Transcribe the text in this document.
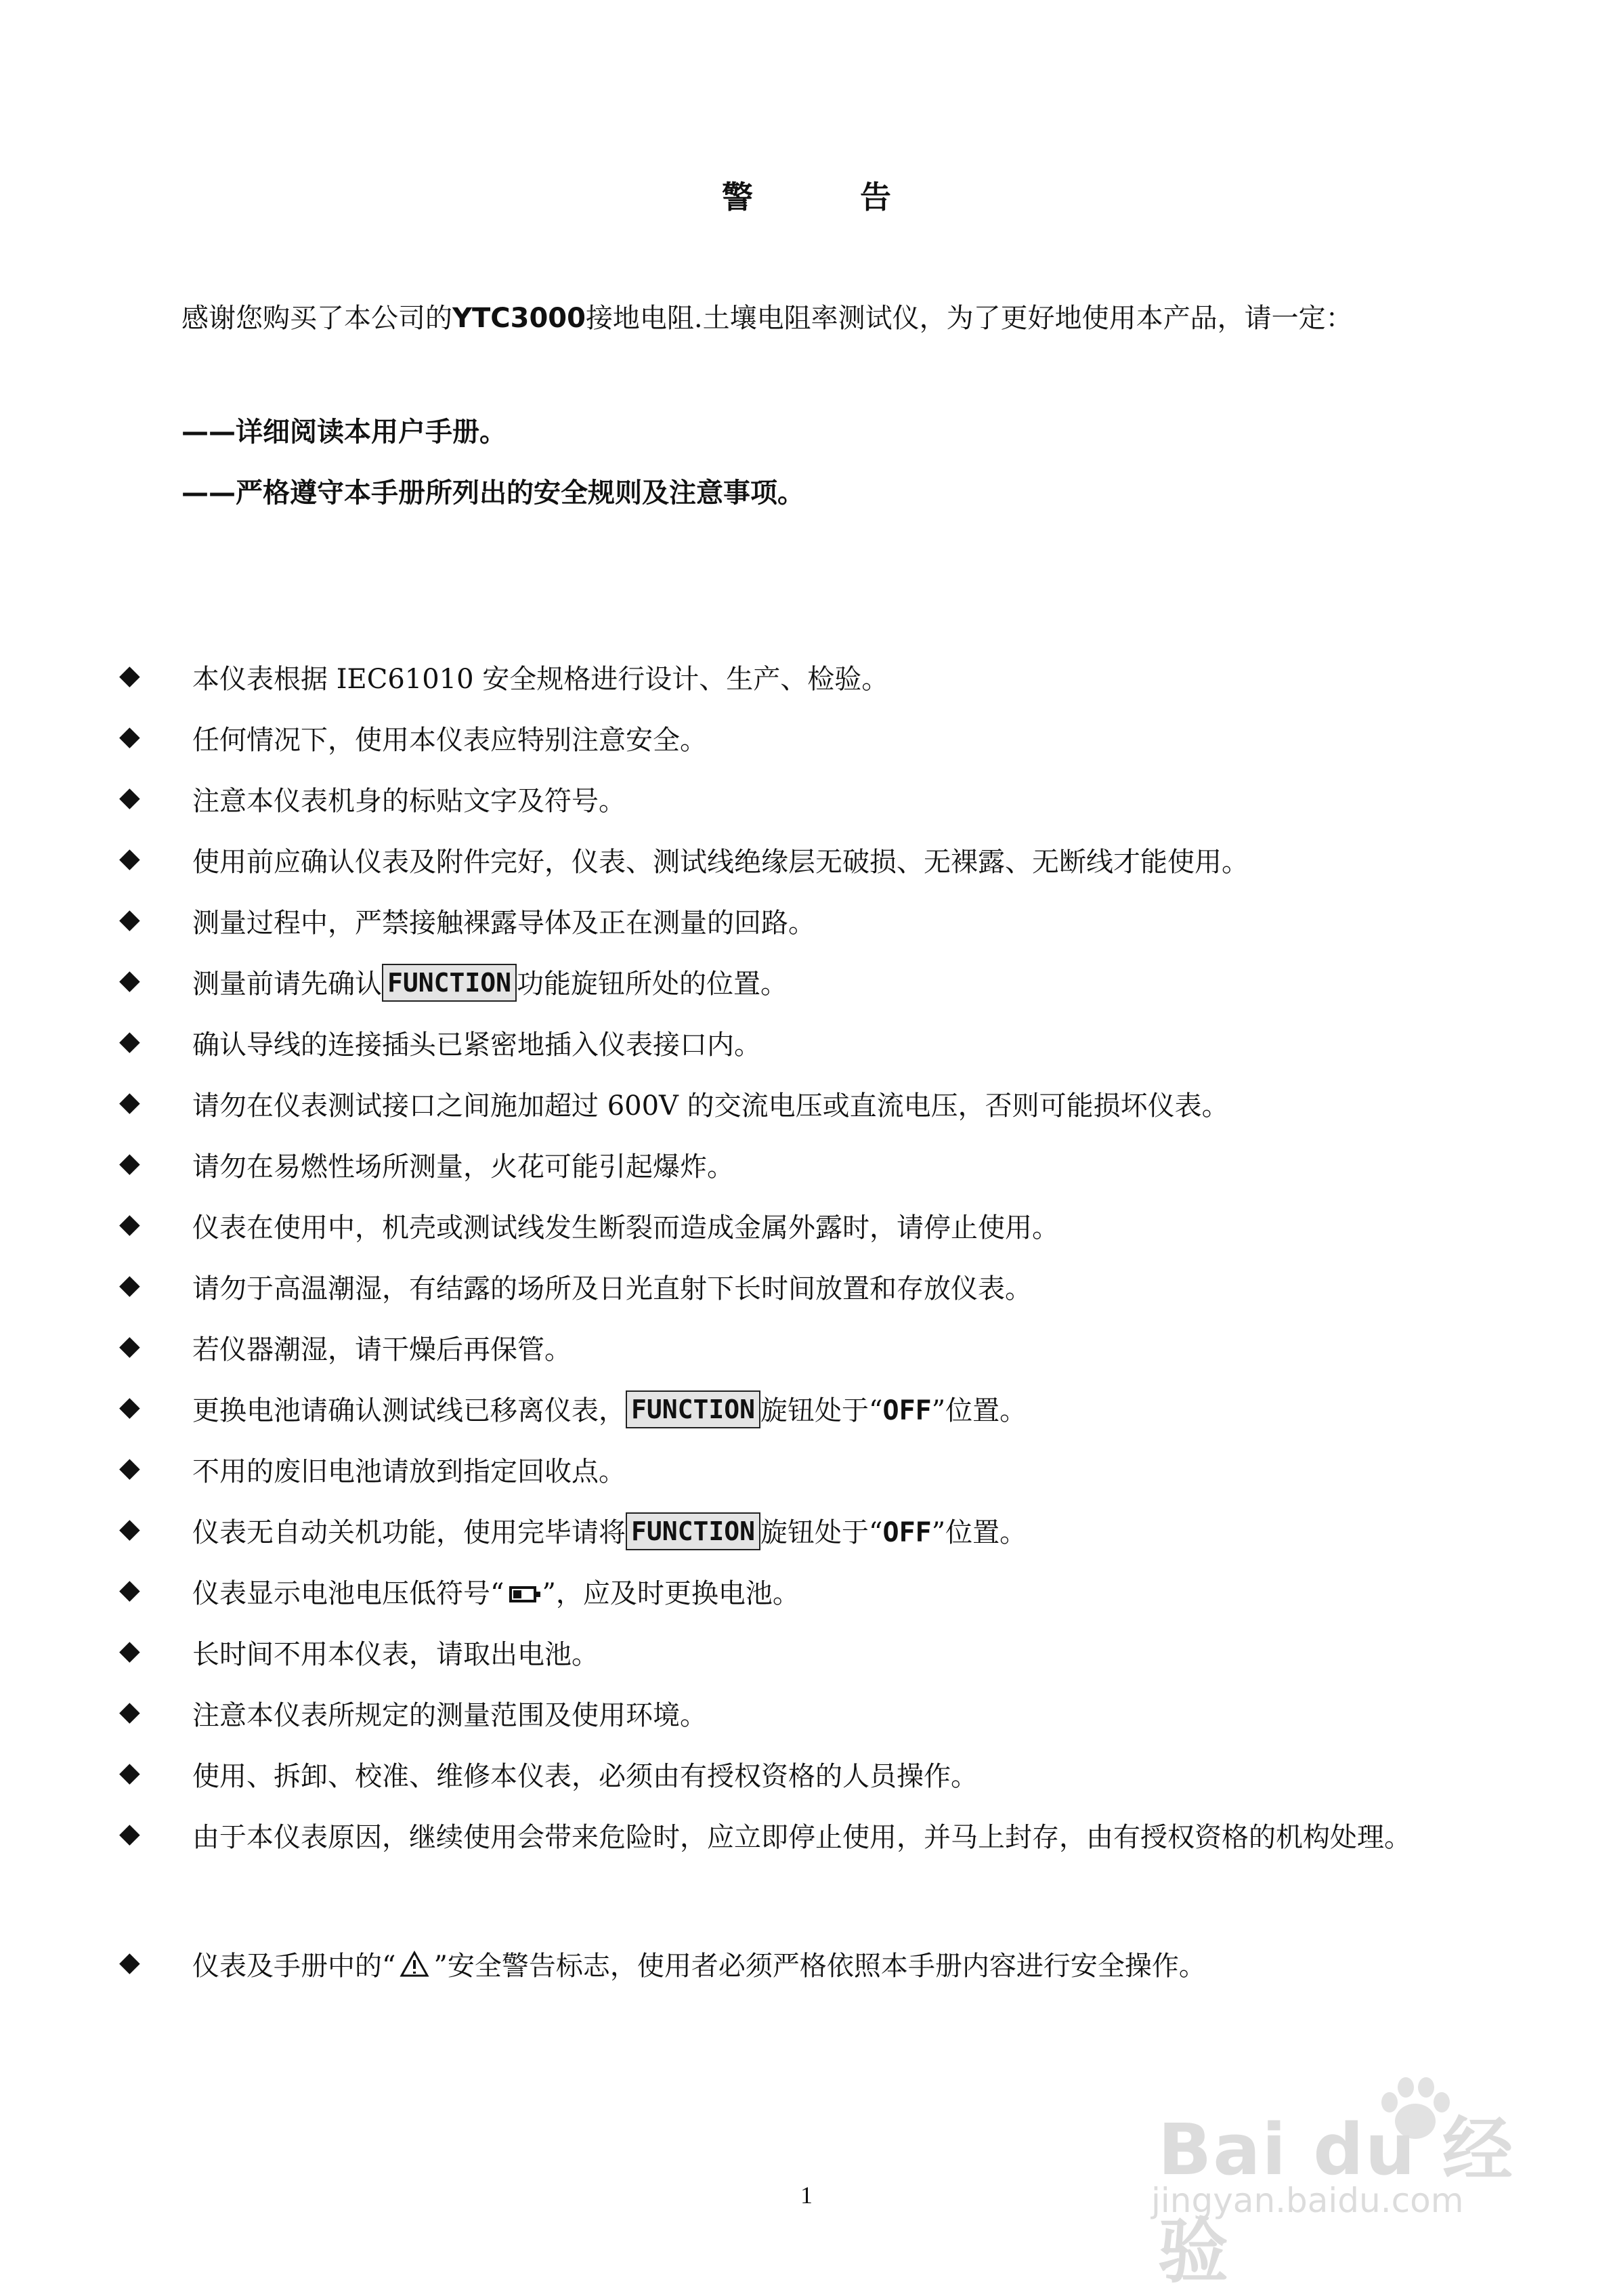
警　告
感谢您购买了本公司的YTC3000接地电阻.土壤电阻率测试仪，为了更好地使用本产品，请一定：
——详细阅读本用户手册。
——严格遵守本手册所列出的安全规则及注意事项。
◆ 本仪表根据 IEC61010 安全规格进行设计、生产、检验。
◆ 任何情况下，使用本仪表应特别注意安全。
◆ 注意本仪表机身的标贴文字及符号。
◆ 使用前应确认仪表及附件完好，仪表、测试线绝缘层无破损、无裸露、无断线才能使用。
◆ 测量过程中，严禁接触裸露导体及正在测量的回路。
◆ 测量前请先确认 FUNCTION 功能旋钮所处的位置。
◆ 确认导线的连接插头已紧密地插入仪表接口内。
◆ 请勿在仪表测试接口之间施加超过 600V 的交流电压或直流电压，否则可能损坏仪表。
◆ 请勿在易燃性场所测量，火花可能引起爆炸。
◆ 仪表在使用中，机壳或测试线发生断裂而造成金属外露时，请停止使用。
◆ 请勿于高温潮湿，有结露的场所及日光直射下长时间放置和存放仪表。
◆ 若仪器潮湿，请干燥后再保管。
◆ 更换电池请确认测试线已移离仪表， FUNCTION 旋钮处于“OFF”位置。
◆ 不用的废旧电池请放到指定回收点。
◆ 仪表无自动关机功能，使用完毕请将 FUNCTION 旋钮处于“OFF”位置。
◆ 仪表显示电池电压低符号“ ”，应及时更换电池。
◆ 长时间不用本仪表，请取出电池。
◆ 注意本仪表所规定的测量范围及使用环境。
◆ 使用、拆卸、校准、维修本仪表，必须由有授权资格的人员操作。
◆ 由于本仪表原因，继续使用会带来危险时，应立即停止使用，并马上封存，由有授权资格的机构处理。
◆ 仪表及手册中的“ ”安全警告标志，使用者必须严格依照本手册内容进行安全操作。
1
Bai du 经验
jingyan.baidu.com
